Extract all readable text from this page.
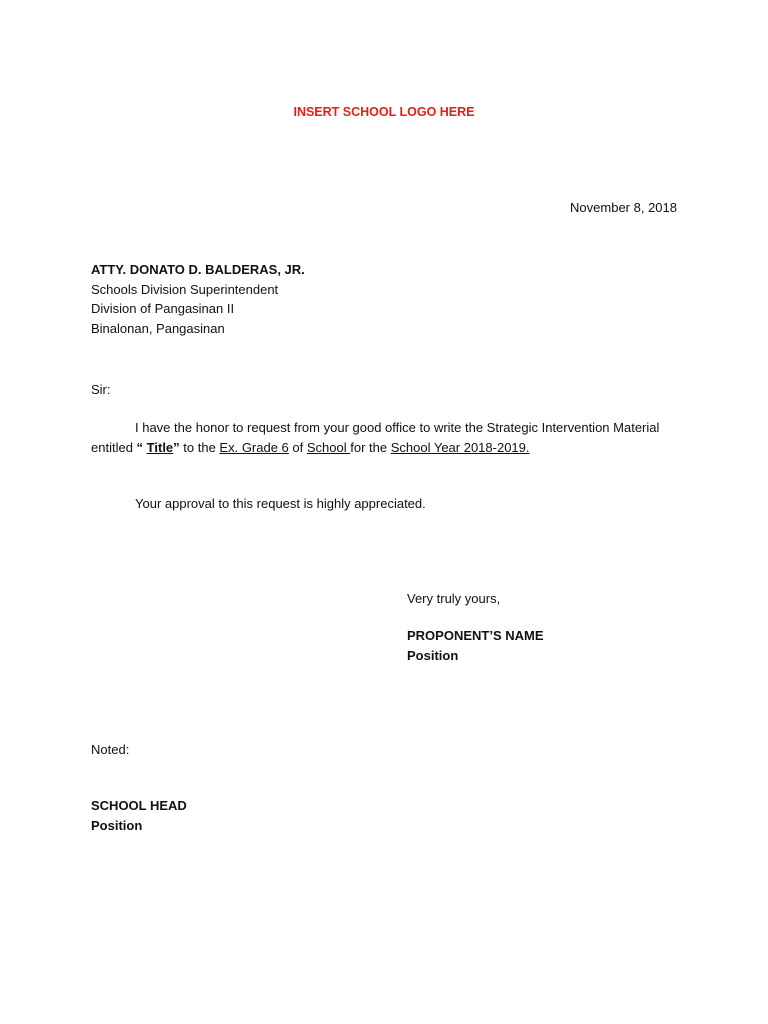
INSERT SCHOOL LOGO HERE
November 8, 2018
ATTY. DONATO D. BALDERAS, JR.
Schools Division Superintendent
Division of Pangasinan II
Binalonan, Pangasinan
Sir:
I have the honor to request from your good office to write the Strategic Intervention Material entitled “ Title” to the Ex. Grade 6 of School for the School Year 2018-2019.
Your approval to this request is highly appreciated.
Very truly yours,
PROPONENT’S NAME
Position
Noted:
SCHOOL HEAD
Position
